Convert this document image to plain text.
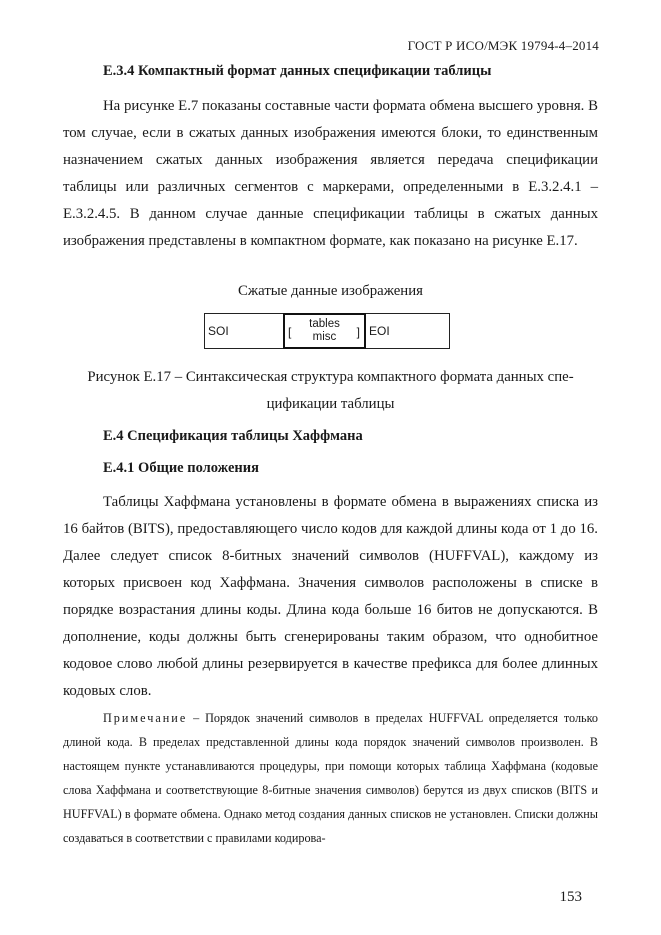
ГОСТ Р ИСО/МЭК 19794-4–2014
Е.3.4 Компактный формат данных спецификации таблицы
На рисунке Е.7 показаны составные части формата обмена высшего уровня. В том случае, если в сжатых данных изображения имеются блоки, то единственным назначением сжатых данных изображения является передача спецификации таблицы или различных сегментов с маркерами, определенными в Е.3.2.4.1 – Е.3.2.4.5. В данном случае данные спецификации таблицы в сжатых данных изображения представлены в компактном формате, как показано на рисунке Е.17.
Сжатые данные изображения
SOI	[
tables
misc	] EOI
Рисунок Е.17 – Синтаксическая структура компактного формата данных спе-
цификации таблицы
Е.4 Спецификация таблицы Хаффмана
Е.4.1 Общие положения
Таблицы Хаффмана установлены в формате обмена в выражениях списка из 16 байтов (BITS), предоставляющего число кодов для каждой длины кода от 1 до 16. Далее следует список 8-битных значений символов (HUFFVAL), каждому из которых присвоен код Хаффмана. Значения символов расположены в списке в порядке возрастания длины коды. Длина кода больше 16 битов не допускаются. В дополнение, коды должны быть сгенерированы таким образом, что однобитное кодовое слово любой длины резервируется в качестве префикса для более длинных кодовых слов.
Примечание – Порядок значений символов в пределах HUFFVAL определяется только длиной кода. В пределах представленной длины кода порядок значений символов произволен. В настоящем пункте устанавливаются процедуры, при помощи которых таблица Хаффмана (кодовые слова Хаффмана и соответствующие 8-битные значения символов) берутся из двух списков (BITS и HUFFVAL) в формате обмена. Однако метод создания данных списков не установлен. Списки должны создаваться в соответствии с правилами кодирова-
153
